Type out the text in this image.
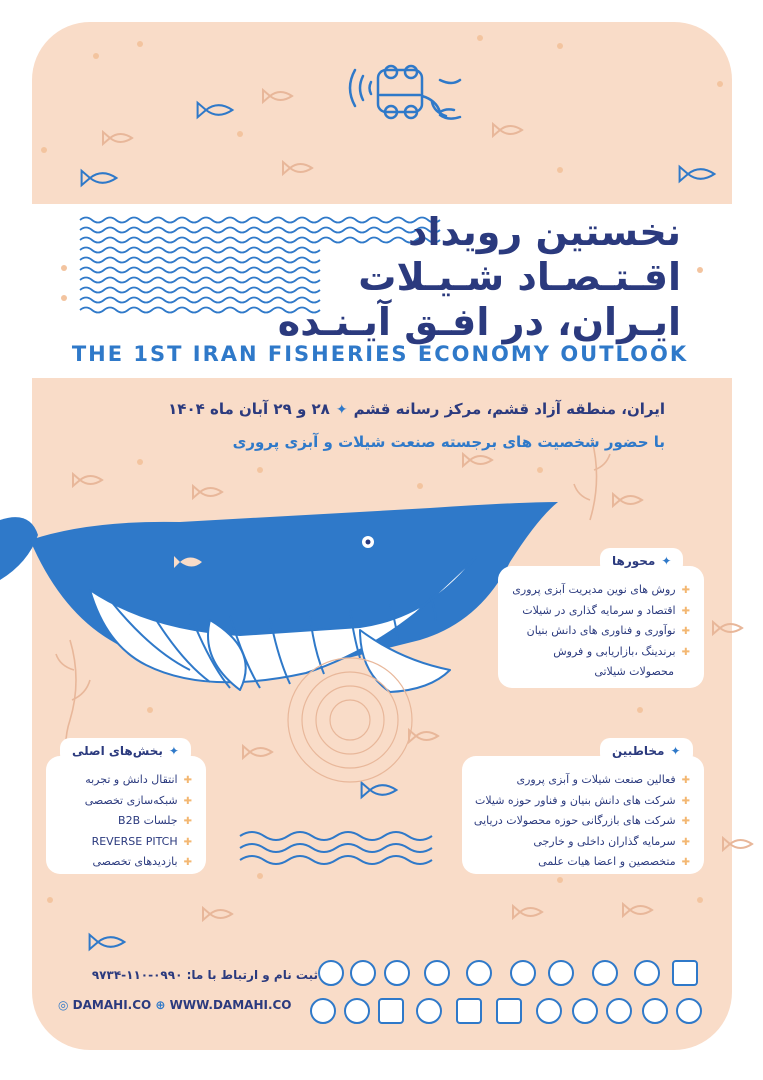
نخستین رویداد
اقـتـصـاد شـیـلات
ایـران، در افـق آیـنـده
THE 1ST IRAN FISHERIES ECONOMY OUTLOOK
ایران، منطقه آزاد قشم، مرکز رسانه قشم✦۲۸ و ۲۹ آبان ماه ۱۴۰۴
با حضور شخصیت های برجسته صنعت شیلات و آبزی پروری
✚روش های نوین مدیریت آبزی پروری
✚اقتصاد و سرمایه گذاری در شیلات
✚نوآوری و فناوری های دانش بنیان
✚برندینگ ،بازاریابی و فروش
محصولات شیلاتی
✦محورها
✚انتقال دانش و تجربه
✚شبکه‌سازی تخصصی
✚جلسات B2B
✚REVERSE PITCH
✚بازدیدهای تخصصی
✦بخش‌های اصلی
✚فعالین صنعت شیلات و آبزی پروری
✚شرکت های دانش بنیان و فناور حوزه شیلات
✚شرکت های بازرگانی حوزه محصولات دریایی
✚سرمایه گذاران داخلی و خارجی
✚متخصصین و اعضا هیات علمی
✦مخاطبین
ثبت نام و ارتباط با ما: ۰۹۹۰-۱۱۰-۹۷۳۴
◎ DAMAHI.CO ⊕ WWW.DAMAHI.CO
